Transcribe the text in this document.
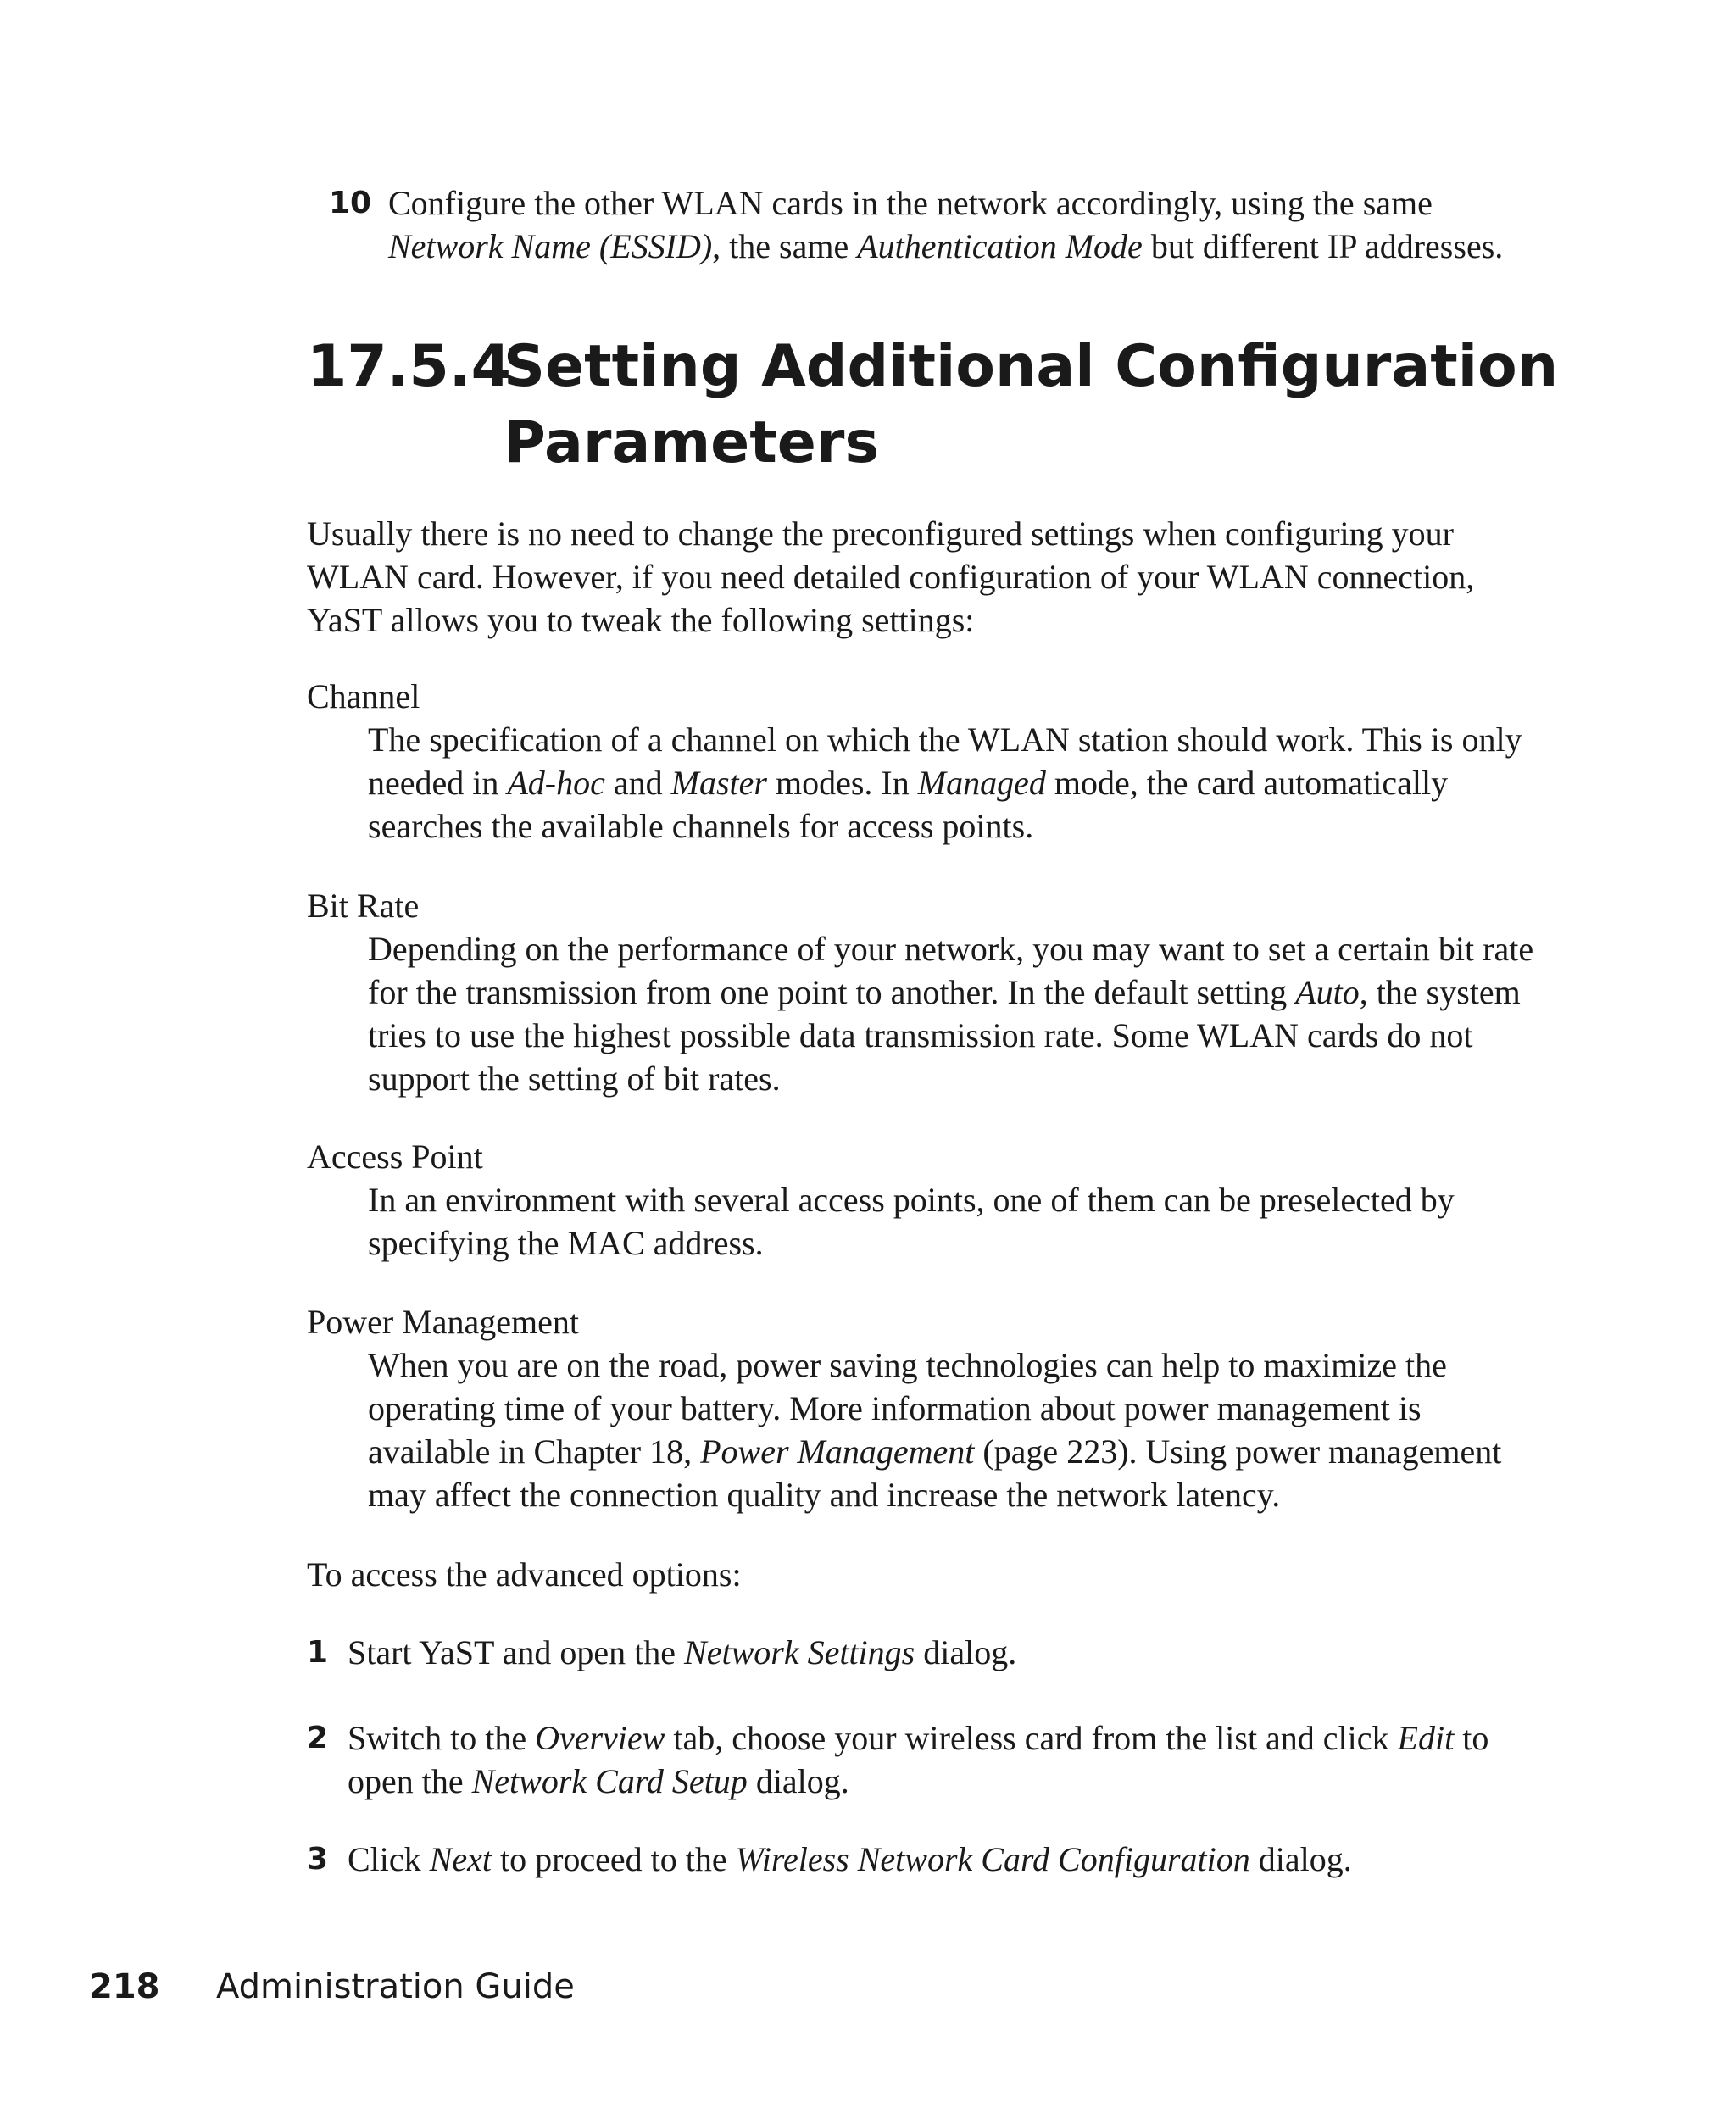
10 Configure the other WLAN cards in the network accordingly, using the same Network Name (ESSID), the same Authentication Mode but different IP addresses.
17.5.4
Setting Additional Configuration Parameters
Usually there is no need to change the preconfigured settings when configuring your WLAN card. However, if you need detailed configuration of your WLAN connection, YaST allows you to tweak the following settings:
Channel
The specification of a channel on which the WLAN station should work. This is only needed in Ad-hoc and Master modes. In Managed mode, the card automatically searches the available channels for access points.
Bit Rate
Depending on the performance of your network, you may want to set a certain bit rate for the transmission from one point to another. In the default setting Auto, the system tries to use the highest possible data transmission rate. Some WLAN cards do not support the setting of bit rates.
Access Point
In an environment with several access points, one of them can be preselected by specifying the MAC address.
Power Management
When you are on the road, power saving technologies can help to maximize the operating time of your battery. More information about power management is available in Chapter 18, Power Management (page 223). Using power management may affect the connection quality and increase the network latency.
To access the advanced options:
1 Start YaST and open the Network Settings dialog.
2 Switch to the Overview tab, choose your wireless card from the list and click Edit to open the Network Card Setup dialog.
3 Click Next to proceed to the Wireless Network Card Configuration dialog.
218	Administration Guide
